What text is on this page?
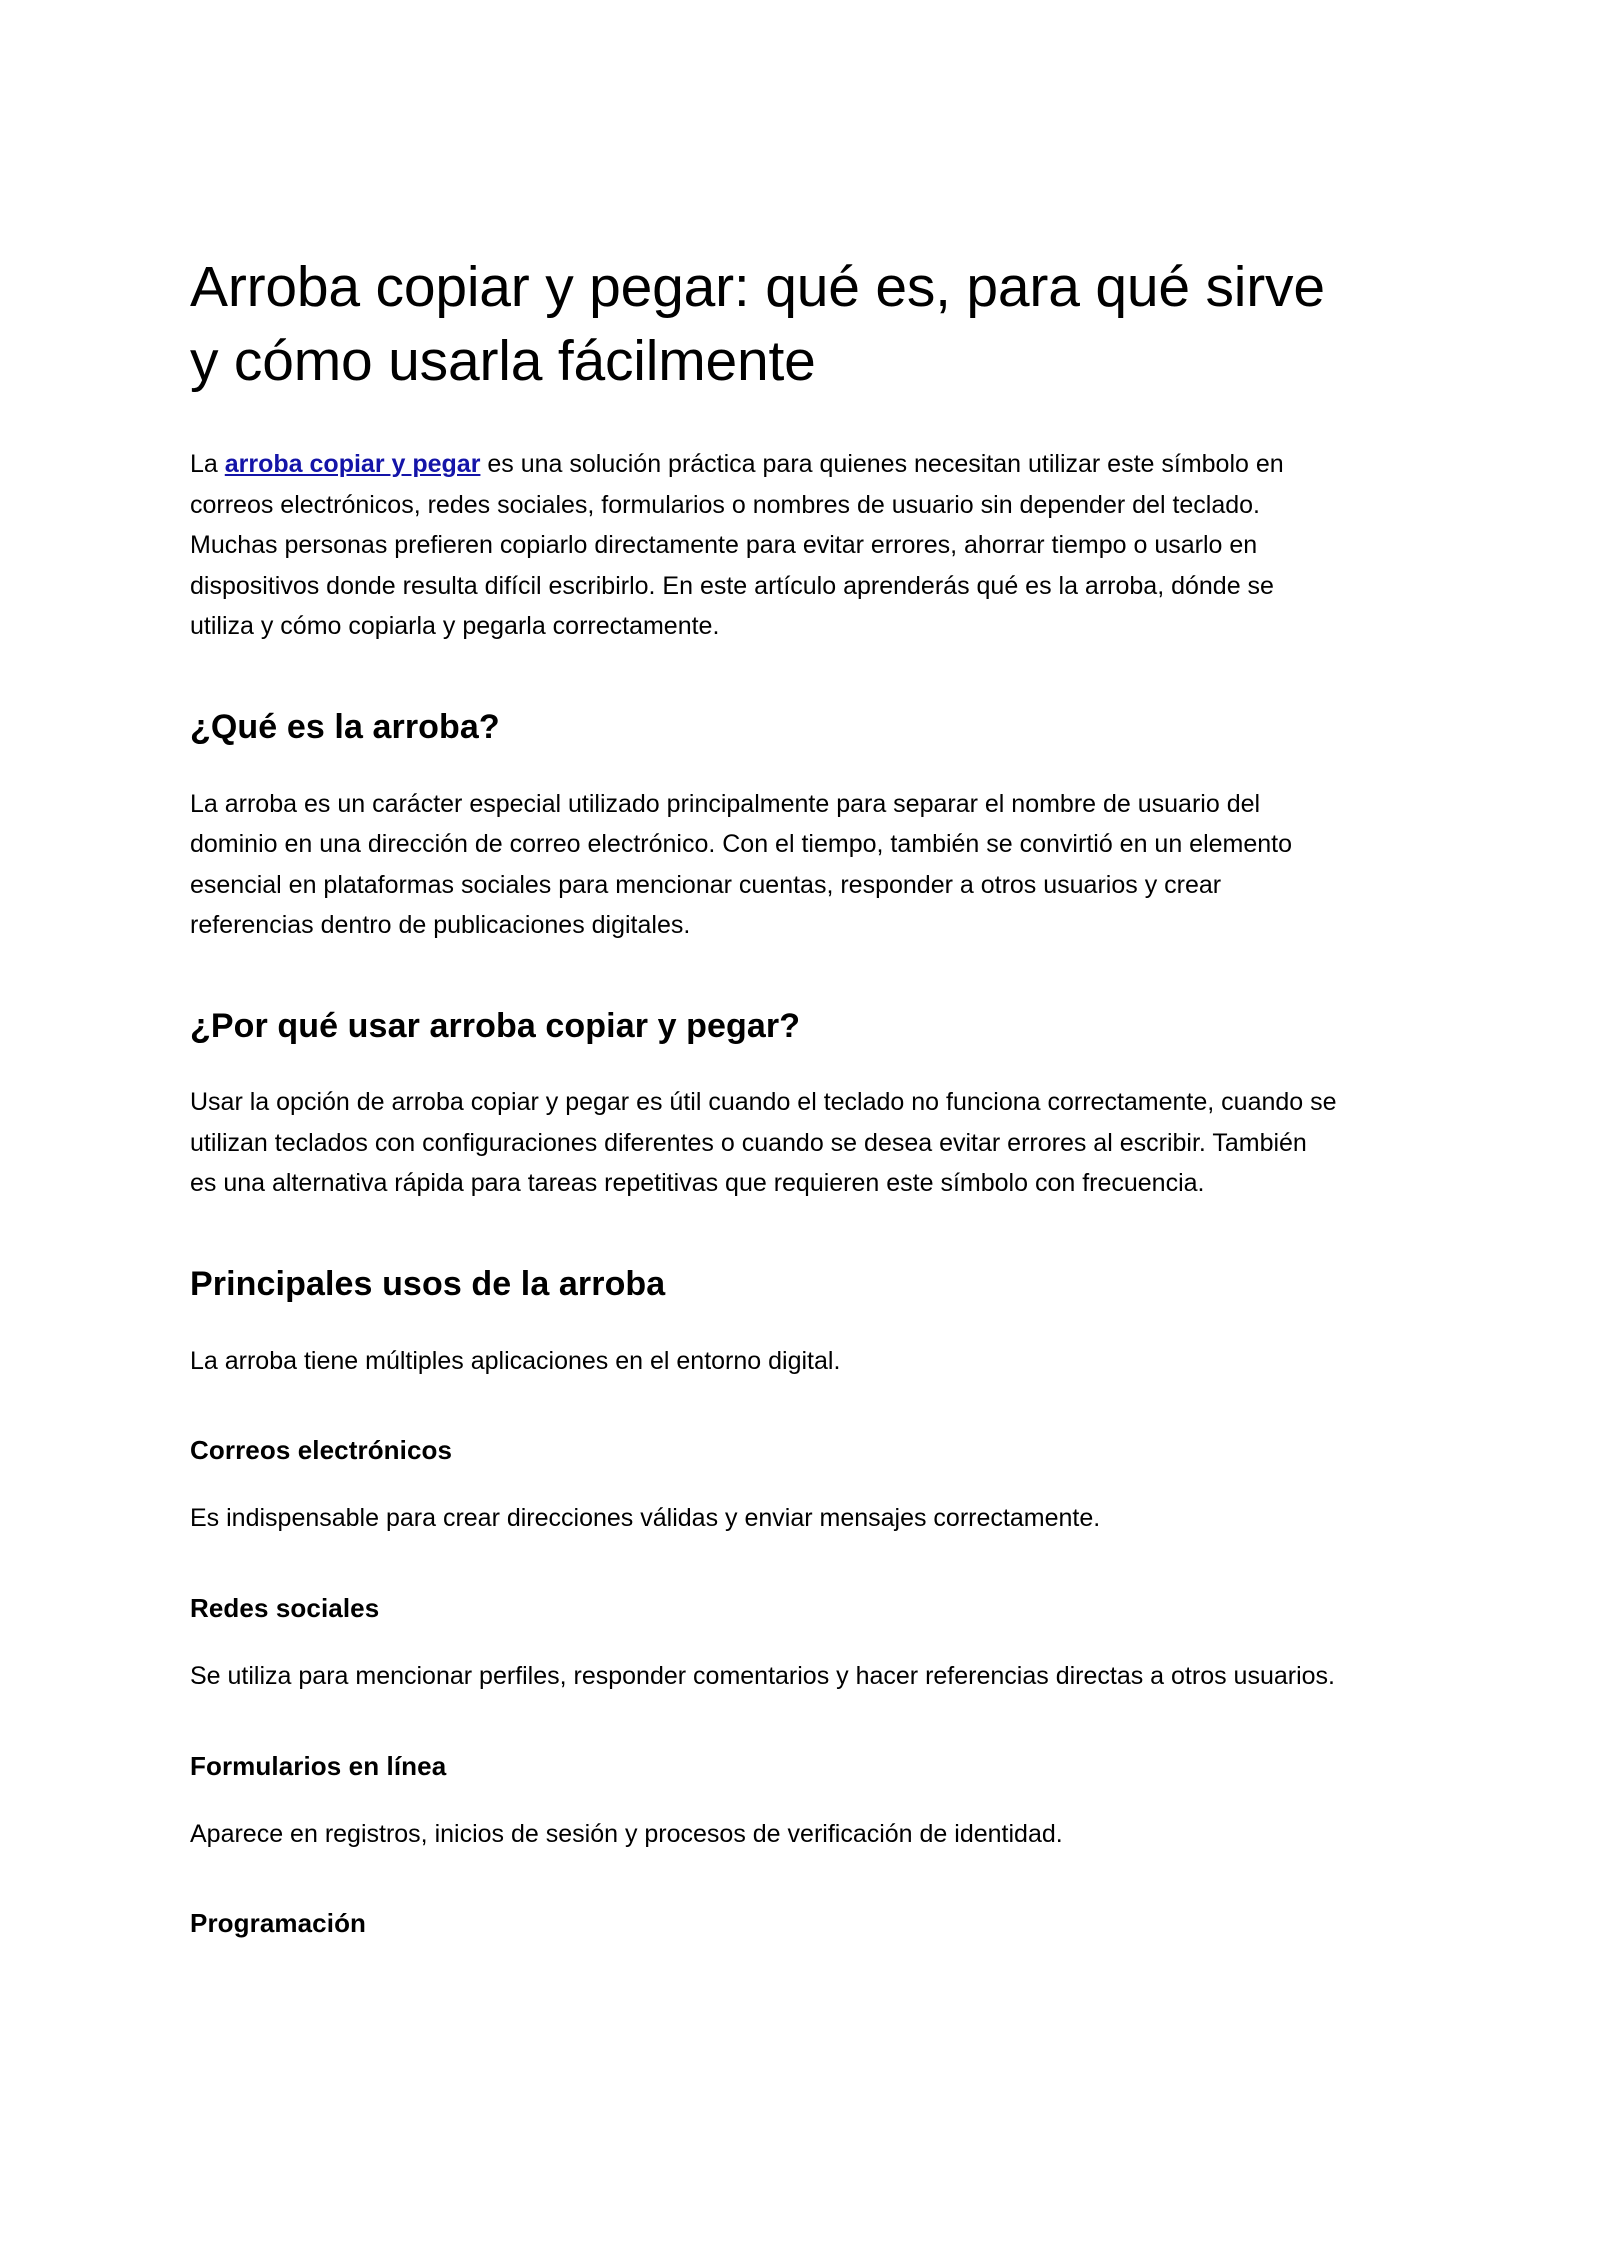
Arroba copiar y pegar: qué es, para qué sirve y cómo usarla fácilmente

La arroba copiar y pegar es una solución práctica para quienes necesitan utilizar este símbolo en correos electrónicos, redes sociales, formularios o nombres de usuario sin depender del teclado. Muchas personas prefieren copiarlo directamente para evitar errores, ahorrar tiempo o usarlo en dispositivos donde resulta difícil escribirlo. En este artículo aprenderás qué es la arroba, dónde se utiliza y cómo copiarla y pegarla correctamente.

¿Qué es la arroba?

La arroba es un carácter especial utilizado principalmente para separar el nombre de usuario del dominio en una dirección de correo electrónico. Con el tiempo, también se convirtió en un elemento esencial en plataformas sociales para mencionar cuentas, responder a otros usuarios y crear referencias dentro de publicaciones digitales.

¿Por qué usar arroba copiar y pegar?

Usar la opción de arroba copiar y pegar es útil cuando el teclado no funciona correctamente, cuando se utilizan teclados con configuraciones diferentes o cuando se desea evitar errores al escribir. También es una alternativa rápida para tareas repetitivas que requieren este símbolo con frecuencia.

Principales usos de la arroba

La arroba tiene múltiples aplicaciones en el entorno digital.

Correos electrónicos

Es indispensable para crear direcciones válidas y enviar mensajes correctamente.

Redes sociales

Se utiliza para mencionar perfiles, responder comentarios y hacer referencias directas a otros usuarios.

Formularios en línea

Aparece en registros, inicios de sesión y procesos de verificación de identidad.

Programación
